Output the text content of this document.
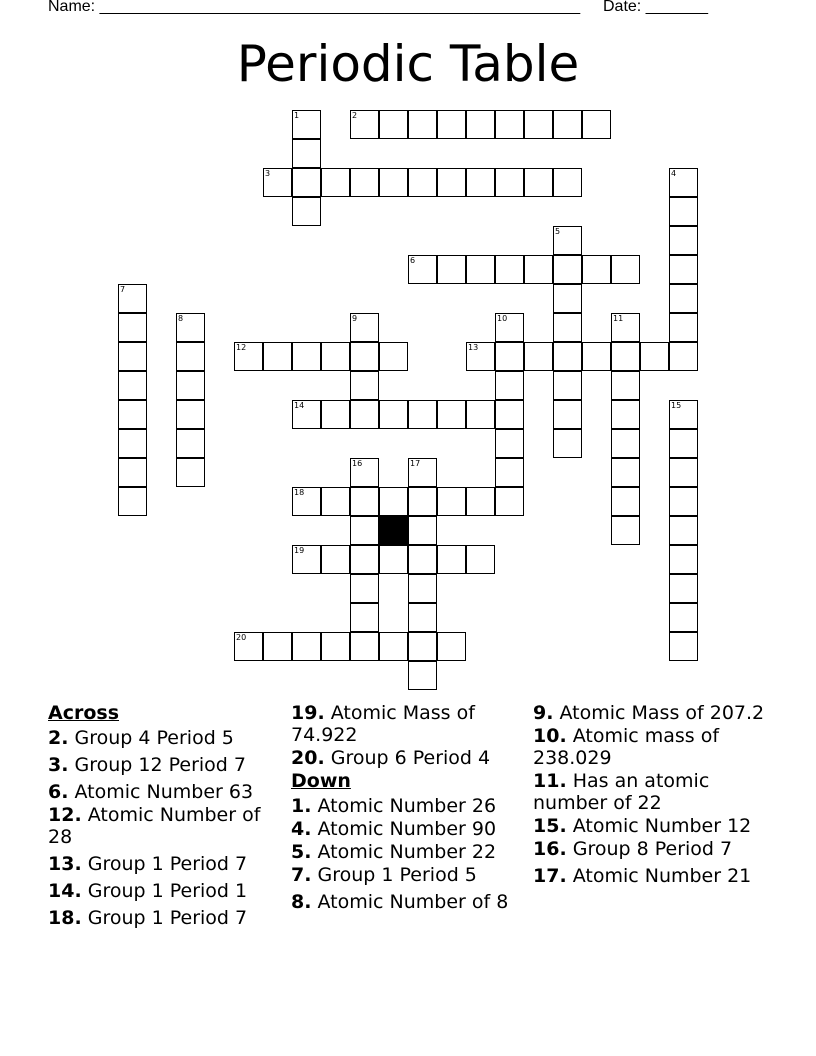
Name: ______________________________________________________ Date: _______
Periodic Table
1	2
3	4
5
6
7
8	9	10	11
12	13
14	15
16	17
18
19
20
Across
2. Group 4 Period 5
3. Group 12 Period 7
6. Atomic Number 63
12. Atomic Number of 28
13. Group 1 Period 7
14. Group 1 Period 1
18. Group 1 Period 7
19. Atomic Mass of 74.922
20. Group 6 Period 4
Down
1. Atomic Number 26
4. Atomic Number 90
5. Atomic Number 22
7. Group 1 Period 5
8. Atomic Number of 8
9. Atomic Mass of 207.2
10. Atomic mass of 238.029
11. Has an atomic number of 22
15. Atomic Number 12
16. Group 8 Period 7
17. Atomic Number 21
